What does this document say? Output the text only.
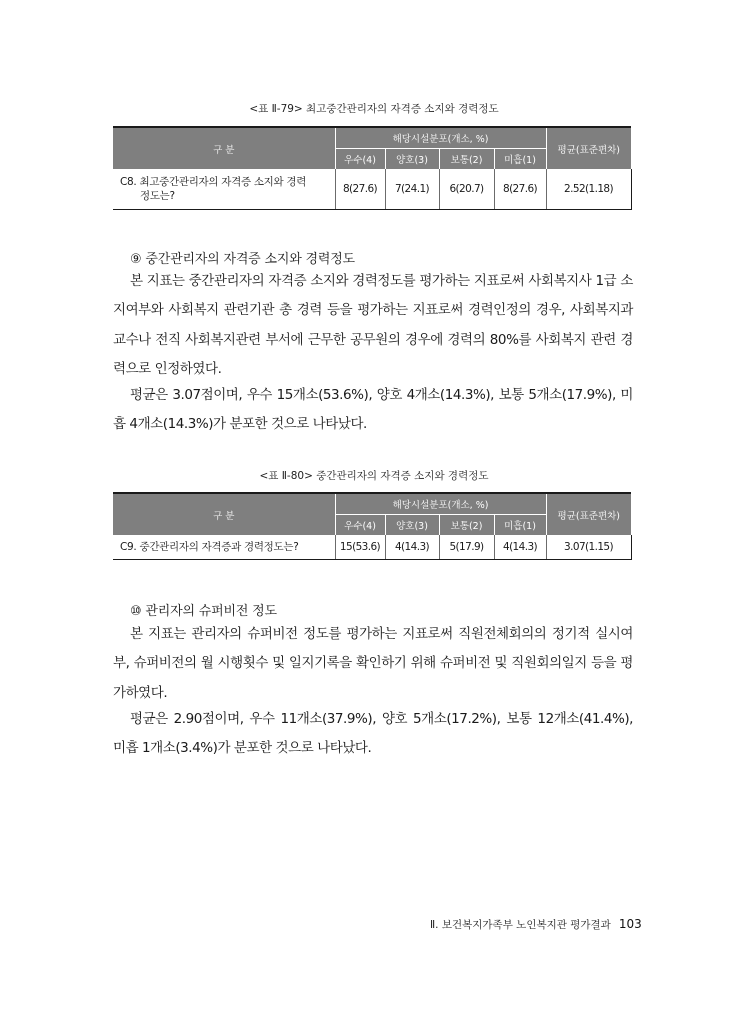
<표 Ⅱ-79> 최고중간관리자의 자격증 소지와 경력정도
구 분	해당시설분포(개소, %)				평균(표준편차)
	우수(4)	양호(3)	보통(2)	미흡(1)	

C8. 최고중간관리자의 자격증 소지와 경력
정도는?	8(27.6)	7(24.1)	6(20.7)	8(27.6)	2.52(1.18)
⑨ 중간관리자의 자격증 소지와 경력정도

본 지표는 중간관리자의 자격증 소지와 경력정도를 평가하는 지표로써 사회복지사 1급 소지여부와 사회복지 관련기관 총 경력 등을 평가하는 지표로써 경력인정의 경우, 사회복지과 교수나 전직 사회복지관련 부서에 근무한 공무원의 경우에 경력의 80%를 사회복지 관련 경력으로 인정하였다.

평균은 3.07점이며, 우수 15개소(53.6%), 양호 4개소(14.3%), 보통 5개소(17.9%), 미흡 4개소(14.3%)가 분포한 것으로 나타났다.

<표 Ⅱ-80> 중간관리자의 자격증 소지와 경력정도
구 분	해당시설분포(개소, %)				평균(표준편차)
	우수(4)	양호(3)	보통(2)	미흡(1)	

C9. 중간관리자의 자격증과 경력정도는?	15(53.6)	4(14.3)	5(17.9)	4(14.3)	3.07(1.15)
⑩ 관리자의 슈퍼비전 정도

본 지표는 관리자의 슈퍼비전 정도를 평가하는 지표로써 직원전체회의의 정기적 실시여부, 슈퍼비전의 월 시행횟수 및 일지기록을 확인하기 위해 슈퍼비전 및 직원회의일지 등을 평가하였다.

평균은 2.90점이며, 우수 11개소(37.9%), 양호 5개소(17.2%), 보통 12개소(41.4%), 미흡 1개소(3.4%)가 분포한 것으로 나타났다.

Ⅱ. 보건복지가족부 노인복지관 평가결과 103
